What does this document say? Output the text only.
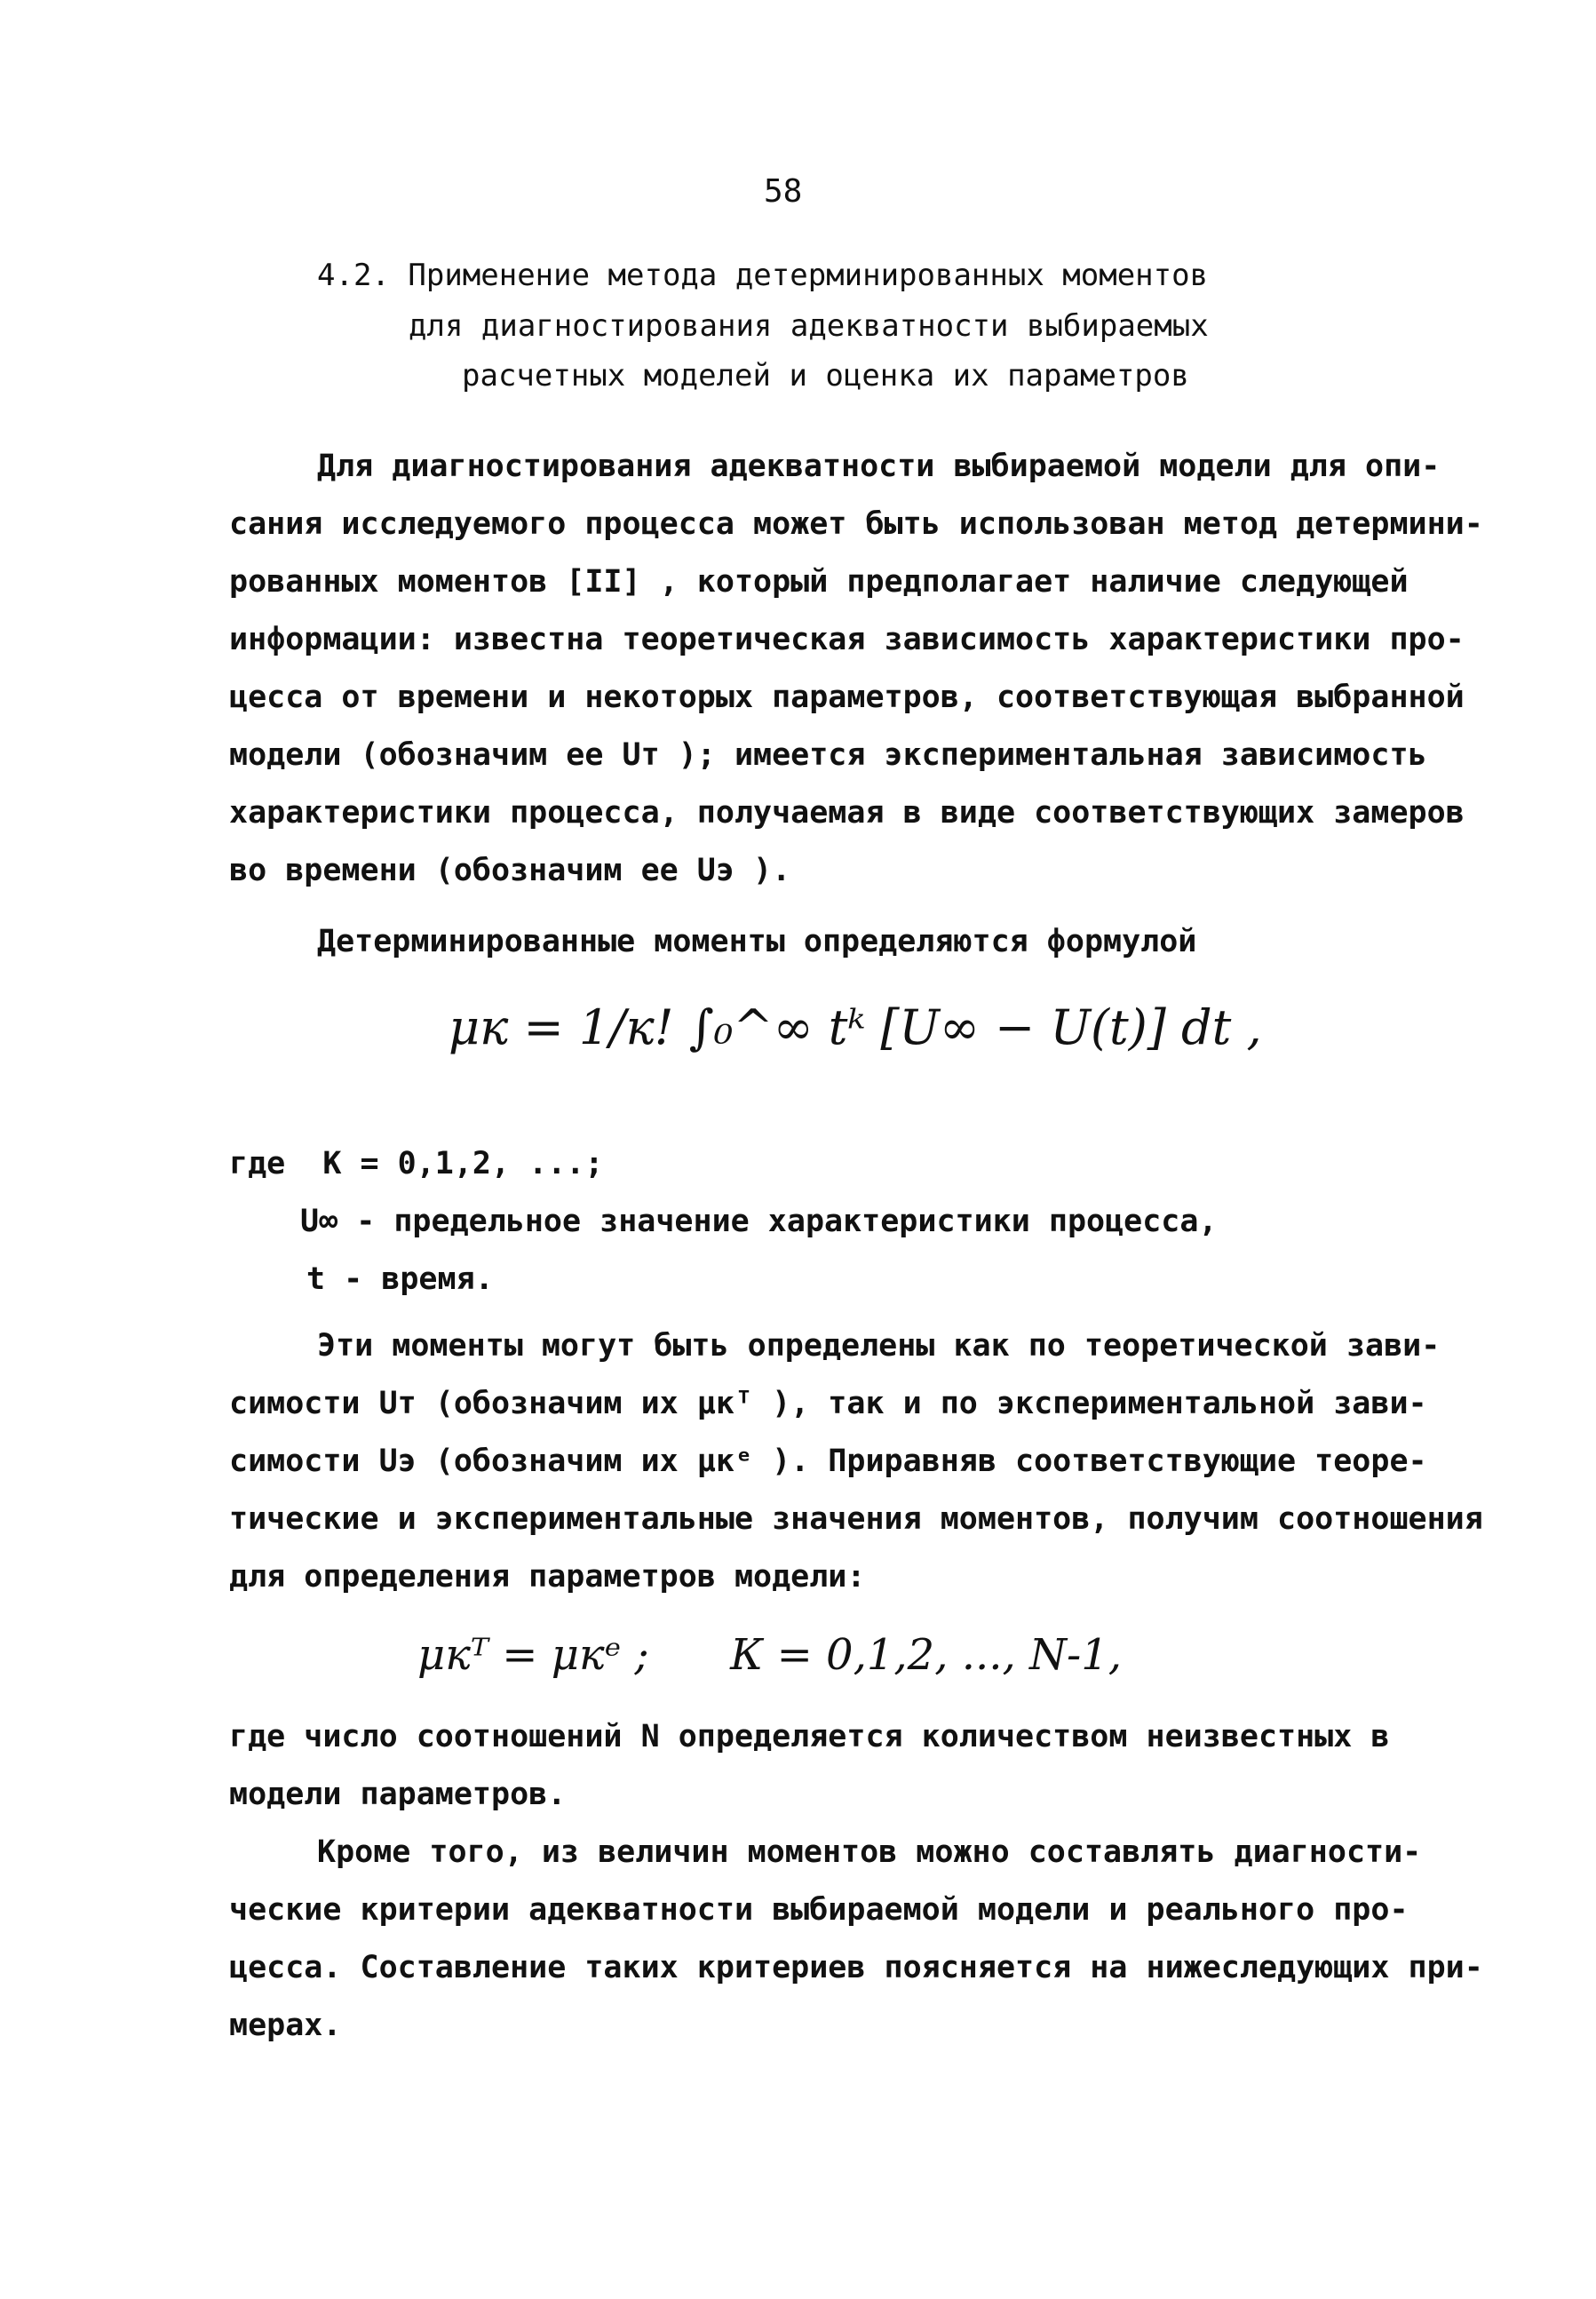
58
4.2. Применение метода детерминированных моментов
для диагностирования адекватности выбираемых
расчетных моделей и оценка их параметров
Для диагностирования адекватности выбираемой модели для опи-
сания исследуемого процесса может быть использован метод детермини-
рованных моментов [II] , который предполагает наличие следующей
информации: известна теоретическая зависимость характеристики про-
цесса от времени и некоторых параметров, соответствующая выбранной
модели (обозначим ее Uт ); имеется экспериментальная зависимость
характеристики процесса, получаемая в виде соответствующих замеров
во времени (обозначим ее Uэ ).
Детерминированные моменты определяются формулой
μк = 1/к! ∫₀^∞ tᵏ [U∞ − U(t)] dt ,
где  К = 0,1,2, ...;
U∞ - предельное значение характеристики процесса,
t - время.
Эти моменты могут быть определены как по теоретической зави-
симости Uт (обозначим их μкᵀ ), так и по экспериментальной зави-
симости Uэ (обозначим их μкᵉ ). Приравняв соответствующие теоре-
тические и экспериментальные значения моментов, получим соотношения
для определения параметров модели:
μкᵀ = μкᵉ ;      К = 0,1,2, ..., N-1,
где число соотношений N определяется количеством неизвестных в
модели параметров.
Кроме того, из величин моментов можно составлять диагности-
ческие критерии адекватности выбираемой модели и реального про-
цесса. Составление таких критериев поясняется на нижеследующих при-
мерах.
